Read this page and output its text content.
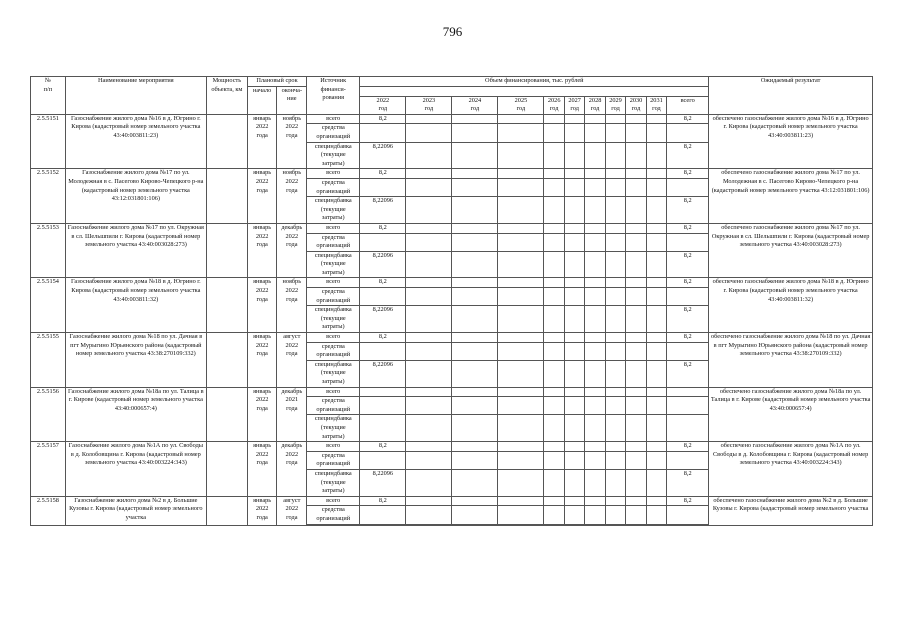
796
№
п/п	Наименование мероприятия	Мощность объекта, км	Плановый срок		Источник финанси-
рования	Объем финансирования, тыс. рублей											Ожидаемый результат
			начало	оконча-
ние													
						2022
год	2023
год	2024
год	2025
год	2026
год	2027
год	2028
год	2029
год	2030
год	2031
год	всего	
2.5.5151	Газоснабжение жилого дома №16 в д. Югрино г. Кирова (кадастровый номер земельного участка 43:40:003811:23)		январь
2022
года	ноябрь
2022
года	всего	8,2										8,2	обеспечено газоснабжение жилого дома №16 в д. Югрино г. Кирова (кадастровый номер земельного участка 43:40:003811:23)
					средства
организаций												
					специндбавка
(текущие
затраты)	8,22096										8,2	
2.5.5152	Газоснабжение жилого дома №17 по ул. Молодежная в с. Пасегово Кирово-Чепецкого р-на (кадастровый номер земельного участка 43:12:031801:106)		январь
2022
года	ноябрь
2022
года	всего	8,2										8,2	обеспечено газоснабжение жилого дома №17 по ул. Молодежная в с. Пасегово Кирово-Чепецкого р-на (кадастровый номер земельного участка 43:12:031801:106)
					средства
организаций												
					специндбавка
(текущие
затраты)	8,22096										8,2	
2.5.5153	Газоснабжение жилого дома №17 по ул. Окружная в сл. Шельшпили г. Кирова (кадастровый номер земельного участка 43:40:003028:273)		январь
2022
года	декабрь
2022
года	всего	8,2										8,2	обеспечено газоснабжение жилого дома №17 по ул. Окружная в сл. Шельшпили г. Кирова (кадастровый номер земельного участка 43:40:003028:273)
					средства
организаций												
					специндбавка
(текущие
затраты)	8,22096										8,2	
2.5.5154	Газоснабжение жилого дома №18 в д. Югрино г. Кирова (кадастровый номер земельного участка 43:40:003811:32)		январь
2022
года	ноябрь
2022
года	всего	8,2										8,2	обеспечено газоснабжение жилого дома №18 в д. Югрино г. Кирова (кадастровый номер земельного участка 43:40:003811:32)
					средства
организаций												
					специндбавка
(текущие
затраты)	8,22096										8,2	
2.5.5155	Газоснабжение жилого дома №18 по ул. Дачная в пгт Мурыгино Юрьянского района (кадастровый номер земельного участка 43:38:270109:332)		январь
2022
года	август
2022
года	всего	8,2										8,2	обеспечено газоснабжение жилого дома №18 по ул. Дачная в пгт Мурыгино Юрьянского района (кадастровый номер земельного участка 43:38:270109:332)
					средства
организаций												
					специндбавка
(текущие
затраты)	8,22096										8,2	
2.5.5156	Газоснабжение жилого дома №18а по ул. Талица в г. Кирове (кадастровый номер земельного участка 43:40:000657:4)		январь
2022
года	декабрь
2021
года	всего												обеспечено газоснабжение жилого дома №18а по ул. Талица в г. Кирове (кадастровый номер земельного участка 43:40:000657:4)
					средства
организаций												
					специндбавка
(текущие
затраты)												
2.5.5157	Газоснабжение жилого дома №1А по ул. Свободы в д. Колобовщина г. Кирова (кадастровый номер земельного участка 43:40:003224:343)		январь
2022
года	декабрь
2022
года	всего	8,2										8,2	обеспечено газоснабжение жилого дома №1А по ул. Свободы в д. Колобовщина г. Кирова (кадастровый номер земельного участка 43:40:003224:343)
					средства
организаций												
					специндбавка
(текущие
затраты)	8,22096										8,2	
2.5.5158	Газоснабжение жилого дома №2 в д. Большие Кузовы г. Кирова (кадастровый номер земельного участка		январь
2022
года	август
2022
года	всего	8,2										8,2	обеспечено газоснабжение жилого дома №2 в д. Большие Кузовы г. Кирова (кадастровый номер земельного участка
					средства
организаций												
